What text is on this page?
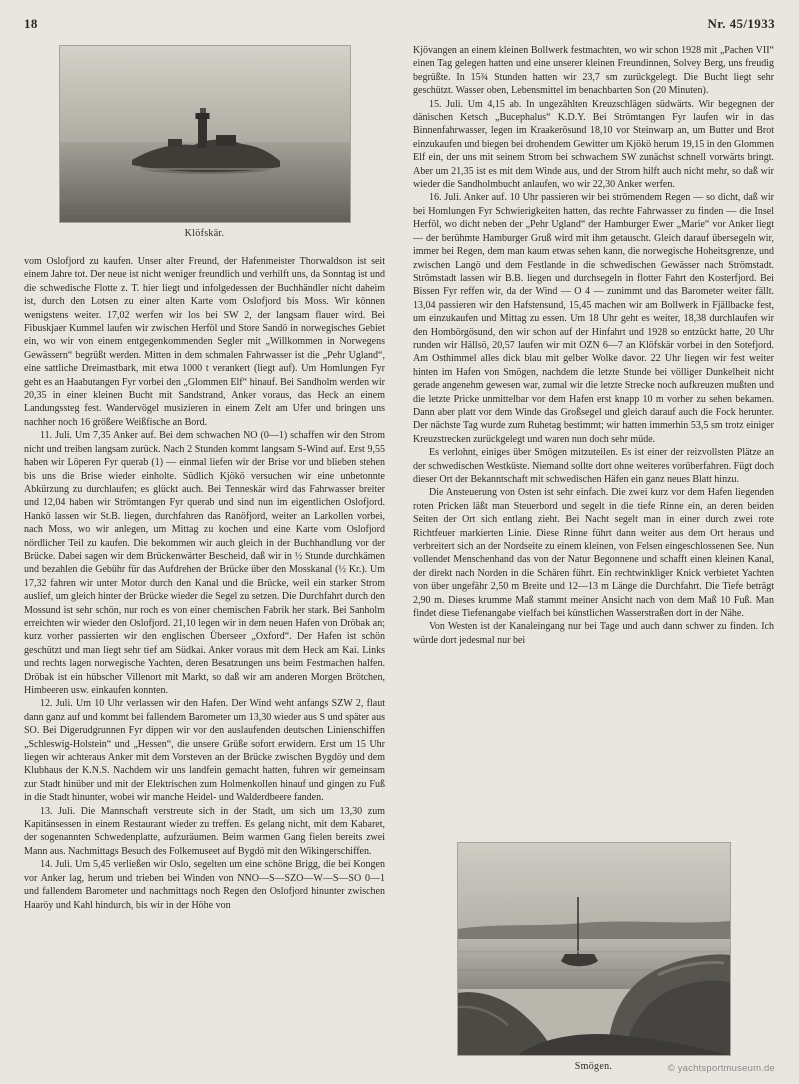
18	Nr. 45/1933
Klöfskär.

vom Oslofjord zu kaufen. Unser alter Freund, der Hafenmeister Thorwaldson ist seit einem Jahre tot. Der neue ist nicht weniger freundlich und verhilft uns, da Sonntag ist und die schwedische Flotte z. T. hier liegt und infolgedessen der Buchhändler nicht daheim ist, durch den Lotsen zu einer alten Karte vom Oslofjord bis Moss. Wir können wenigstens weiter. 17,02 werfen wir los bei SW 2, der langsam flauer wird. Bei Fibuskjaer Kummel laufen wir zwischen Herföl und Store Sandö in norwegisches Gebiet ein, wo wir von einem entgegenkommenden Segler mit „Willkommen in Norwegens Gewässern“ begrüßt werden. Mitten in dem schmalen Fahrwasser ist die „Pehr Ugland“, eine sattliche Dreimastbark, mit etwa 1000 t verankert (liegt auf). Um Homlungen Fyr geht es an Haabutangen Fyr vorbei den „Glommen Elf“ hinauf. Bei Sandholm werden wir 20,35 in einer kleinen Bucht mit Sandstrand, Anker voraus, das Heck an einem Landungssteg fest. Wandervögel musizieren in einem Zelt am Ufer und bringen uns nachher noch 16 größere Weißfische an Bord.

11. Juli. Um 7,35 Anker auf. Bei dem schwachen NO (0—1) schaffen wir den Strom nicht und treiben langsam zurück. Nach 2 Stunden kommt langsam S-Wind auf. Erst 9,55 haben wir Löperen Fyr querab (1) — einmal liefen wir der Brise vor und blieben stehen bis uns die Brise wieder einholte. Südlich Kjökö versuchen wir eine unbetonnte Abkürzung zu durchlaufen; es glückt auch. Bei Tenneskär wird das Fahrwasser breiter und 12,04 haben wir Strömtangen Fyr querab und sind nun im eigentlichen Oslofjord. Hankö lassen wir St.B. liegen, durchfahren das Ranöfjord, weiter an Larkollen vorbei, nach Moss, wo wir anlegen, um Mittag zu kochen und eine Karte vom Oslofjord nördlicher Teil zu kaufen. Die bekommen wir auch gleich in der Buchhandlung vor der Brücke. Dabei sagen wir dem Brückenwärter Bescheid, daß wir in ½ Stunde durchkämen und bezahlen die Gebühr für das Aufdrehen der Brücke über den Mosskanal (½ Kr.). Um 17,32 fahren wir unter Motor durch den Kanal und die Brücke, weil ein starker Strom auslief, um gleich hinter der Brücke wieder die Segel zu setzen. Die Durchfahrt durch den Mossund ist sehr schön, nur roch es von einer chemischen Fabrik her stark. Bei Sanholm erreichten wir wieder den Oslofjord. 21,10 legen wir in dem neuen Hafen von Dröbak an; kurz vorher passierten wir den englischen Überseer „Oxford“. Der Hafen ist schön geschützt und man liegt sehr tief am Südkai. Anker voraus mit dem Heck am Kai. Links und rechts lagen norwegische Yachten, deren Besatzungen uns beim Festmachen halfen. Dröbak ist ein hübscher Villenort mit Markt, so daß wir am anderen Morgen Brötchen, Himbeeren usw. einkaufen konnten.

12. Juli. Um 10 Uhr verlassen wir den Hafen. Der Wind weht anfangs SZW 2, flaut dann ganz auf und kommt bei fallendem Barometer um 13,30 wieder aus S und später aus SO. Bei Digerudgrunnen Fyr dippen wir vor den auslaufenden deutschen Linienschiffen „Schleswig-Holstein“ und „Hessen“, die unsere Grüße sofort erwidern. Erst um 15 Uhr liegen wir achteraus Anker mit dem Vorsteven an der Brücke zwischen Bygdöy und dem Klubhaus der K.N.S. Nachdem wir uns landfein gemacht hatten, fuhren wir gemeinsam zur Stadt hinüber und mit der Elektrischen zum Holmenkollen hinauf und gingen zu Fuß in die Stadt hinunter, wobei wir manche Heidel- und Walderdbeere fanden.

13. Juli. Die Mannschaft verstreute sich in der Stadt, um sich um 13,30 zum Kapitänsessen in einem Restaurant wieder zu treffen. Es gelang nicht, mit dem Kabaret, der sogenannten Schwedenplatte, aufzuräumen. Beim warmen Gang fielen bereits zwei Mann aus. Nachmittags Besuch des Folkemuseet auf Bygdö mit den Wikingerschiffen.

14. Juli. Um 5,45 verließen wir Oslo, segelten um eine schöne Brigg, die bei Kongen vor Anker lag, herum und trieben bei Winden von NNO—S—SZO—W—S—SO 0—1 und fallendem Barometer und nachmittags noch Regen den Oslofjord hinunter zwischen Haaröy und Kahl hindurch, bis wir in der Höhe von

Kjövangen an einem kleinen Bollwerk festmachten, wo wir schon 1928 mit „Pachen VII“ einen Tag gelegen hatten und eine unserer kleinen Freundinnen, Solvey Berg, uns freudig begrüßte. In 15¾ Stunden hatten wir 23,7 sm zurückgelegt. Die Bucht liegt sehr geschützt. Wasser oben, Lebensmittel im benachbarten Son (20 Minuten).

15. Juli. Um 4,15 ab. In ungezählten Kreuzschlägen südwärts. Wir begegnen der dänischen Ketsch „Bucephalus“ K.D.Y. Bei Strömtangen Fyr laufen wir in das Binnenfahrwasser, legen im Kraakerösund 18,10 vor Steinwarp an, um Butter und Brot einzukaufen und biegen bei drohendem Gewitter um Kjökö herum 19,15 in den Glommen Elf ein, der uns mit seinem Strom bei schwachem SW zunächst schnell vorwärts bringt. Aber um 21,35 ist es mit dem Winde aus, und der Strom hilft auch nicht mehr, so daß wir wieder die Sandholmbucht anlaufen, wo wir 22,30 Anker werfen.

16. Juli. Anker auf. 10 Uhr passieren wir bei strömendem Regen — so dicht, daß wir bei Homlungen Fyr Schwierigkeiten hatten, das rechte Fahrwasser zu finden — die Insel Herföl, wo dicht neben der „Pehr Ugland“ der Hamburger Ewer „Marie“ vor Anker liegt — der berühmte Hamburger Gruß wird mit ihm getauscht. Gleich darauf übersegeln wir, immer bei Regen, dem man kaum etwas sehen kann, die norwegische Hoheitsgrenze, und zwischen Langö und dem Festlande in die schwedischen Gewässer nach Strömstadt. Strömstadt lassen wir B.B. liegen und durchsegeln in flotter Fahrt den Kosterfjord. Bei Bissen Fyr reffen wir, da der Wind — O 4 — zunimmt und das Barometer weiter fällt. 13,04 passieren wir den Hafstensund, 15,45 machen wir am Bollwerk in Fjällbacke fest, um einzukaufen und Mittag zu essen. Um 18 Uhr geht es weiter, 18,38 durchlaufen wir den Hombörgösund, den wir schon auf der Hinfahrt und 1928 so entzückt hatte, 20 Uhr runden wir Hällsö, 20,57 laufen wir mit OZN 6—7 an Klöfskär vorbei in den Sotefjord. Am Osthimmel alles dick blau mit gelber Wolke davor. 22 Uhr liegen wir fest weiter hinten im Hafen von Smögen, nachdem die letzte Stunde bei völliger Dunkelheit nicht gerade angenehm gewesen war, zumal wir die letzte Strecke noch aufkreuzen mußten und die letzte Pricke unmittelbar vor dem Hafen erst knapp 10 m vorher zu sehen bekamen. Dann aber platt vor dem Winde das Großsegel und gleich darauf auch die Fock herunter. Der nächste Tag wurde zum Ruhetag bestimmt; wir hatten immerhin 53,5 sm trotz einiger Kreuzstrecken zurückgelegt und waren nun doch sehr müde.

Es verlohnt, einiges über Smögen mitzuteilen. Es ist einer der reizvollsten Plätze an der schwedischen Westküste. Niemand sollte dort ohne weiteres vorüberfahren. Fügt doch dieser Ort der Bekanntschaft mit schwedischen Häfen ein ganz neues Blatt hinzu.

Die Ansteuerung von Osten ist sehr einfach. Die zwei kurz vor dem Hafen liegenden roten Pricken läßt man Steuerbord und segelt in die tiefe Rinne ein, an deren beiden Seiten der Ort sich entlang zieht. Bei Nacht segelt man in einer durch zwei rote Richtfeuer markierten Linie. Diese Rinne führt dann weiter aus dem Ort heraus und verbreitert sich an der Nordseite zu einem kleinen, von Felsen eingeschlossenen See. Nun vollendet Menschenhand das von der Natur Begonnene und schafft einen kleinen Kanal, der direkt nach Norden in die Schären führt. Ein rechtwinkliger Knick verbietet Yachten von über ungefähr 2,50 m Breite und 12—13 m Länge die Durchfahrt. Die Tiefe beträgt 2,90 m. Dieses krumme Maß stammt meiner Ansicht nach von dem Maß 10 Fuß. Man findet diese Tiefenangabe vielfach bei künstlichen Wasserstraßen dort in der Nähe.

Von Westen ist der Kanaleingang nur bei Tage und auch dann schwer zu finden. Ich würde dort jedesmal nur bei

Smögen.	© yachtsportmuseum.de
